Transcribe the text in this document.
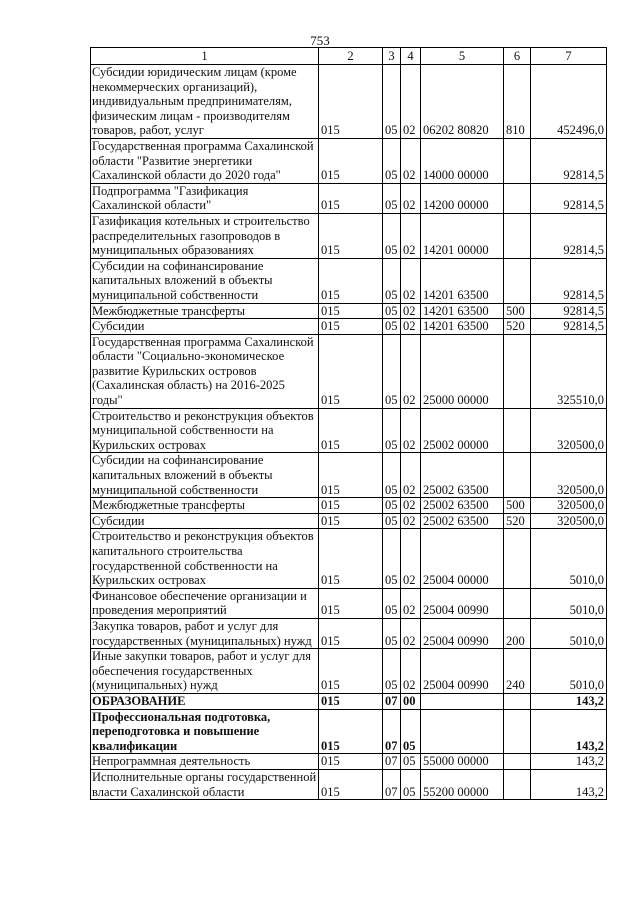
753
1	2	3	4	5	6	7
Субсидии юридическим лицам (кроме некоммерческих организаций), индивидуальным предпринимателям, физическим лицам - производителям товаров, работ, услуг	015	05	02	06202 80820	810	452496,0
Государственная программа Сахалинской области "Развитие энергетики Сахалинской области до 2020 года"	015	05	02	14000 00000		92814,5
Подпрограмма "Газификация Сахалинской области"	015	05	02	14200 00000		92814,5
Газификация котельных и строительство распределительных газопроводов в муниципальных образованиях	015	05	02	14201 00000		92814,5
Субсидии на софинансирование капитальных вложений в объекты муниципальной собственности	015	05	02	14201 63500		92814,5
Межбюджетные трансферты	015	05	02	14201 63500	500	92814,5
Субсидии	015	05	02	14201 63500	520	92814,5
Государственная программа Сахалинской области "Социально-экономическое развитие Курильских островов (Сахалинская область) на 2016-2025 годы"	015	05	02	25000 00000		325510,0
Строительство и реконструкция объектов муниципальной собственности на Курильских островах	015	05	02	25002 00000		320500,0
Субсидии на софинансирование капитальных вложений в объекты муниципальной собственности	015	05	02	25002 63500		320500,0
Межбюджетные трансферты	015	05	02	25002 63500	500	320500,0
Субсидии	015	05	02	25002 63500	520	320500,0
Строительство и реконструкция объектов капитального строительства государственной собственности на Курильских островах	015	05	02	25004 00000		5010,0
Финансовое обеспечение организации и проведения мероприятий	015	05	02	25004 00990		5010,0
Закупка товаров, работ и услуг для государственных (муниципальных) нужд	015	05	02	25004 00990	200	5010,0
Иные закупки товаров, работ и услуг для обеспечения государственных (муниципальных) нужд	015	05	02	25004 00990	240	5010,0
ОБРАЗОВАНИЕ	015	07	00			143,2
Профессиональная подготовка, переподготовка и повышение квалификации	015	07	05			143,2
Непрограммная деятельность	015	07	05	55000 00000		143,2
Исполнительные органы государственной власти Сахалинской области	015	07	05	55200 00000		143,2
